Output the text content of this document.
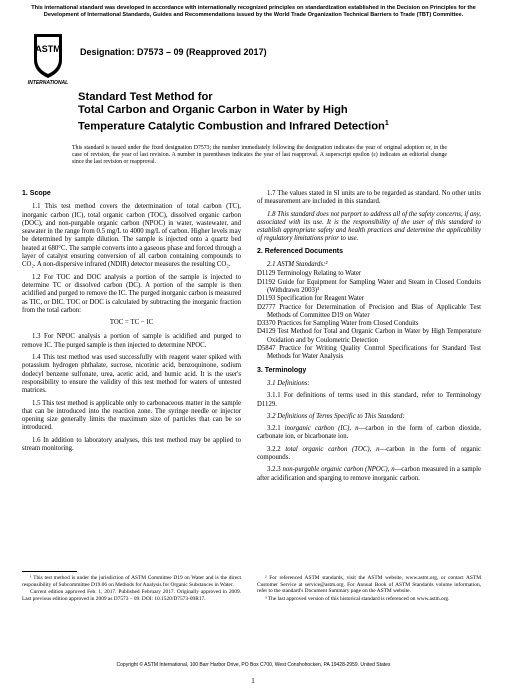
This international standard was developed in accordance with internationally recognized principles on standardization established in the Decision on Principles for the Development of International Standards, Guides and Recommendations issued by the World Trade Organization Technical Barriers to Trade (TBT) Committee.
ASTM
INTERNATIONAL
Designation: D7573 – 09 (Reapproved 2017)
Standard Test Method for
Total Carbon and Organic Carbon in Water by High
Temperature Catalytic Combustion and Infrared Detection$^1$
This standard is issued under the fixed designation D7573; the number immediately following the designation indicates the year of original adoption or, in the case of revision, the year of last revision. A number in parentheses indicates the year of last reapproval. A superscript epsilon (ε) indicates an editorial change since the last revision or reapproval.

1. Scope

1.1 This test method covers the determination of total carbon (TC), inorganic carbon (IC), total organic carbon (TOC), dissolved organic carbon (DOC), and non-purgable organic carbon (NPOC) in water, wastewater, and seawater in the range from 0.5 mg/L to 4000 mg/L of carbon. Higher levels may be determined by sample dilution. The sample is injected onto a quartz bed heated at 680°C. The sample converts into a gaseous phase and forced through a layer of catalyst ensuring conversion of all carbon containing compounds to CO₂. A non-dispersive infrared (NDIR) detector measures the resulting CO₂.

1.2 For TOC and DOC analysis a portion of the sample is injected to determine TC or dissolved carbon (DC). A portion of the sample is then acidified and purged to remove the IC. The purged inorganic carbon is measured as TIC, or DIC. TOC or DOC is calculated by subtracting the inorganic fraction from the total carbon:

TOC = TC − IC

1.3 For NPOC analysis a portion of sample is acidified and purged to remove IC. The purged sample is then injected to determine NPOC.

1.4 This test method was used successfully with reagent water spiked with potassium hydrogen phthalate, sucrose, nicotinic acid, benzoquinone, sodium dodecyl benzene sulfonate, urea, acetic acid, and humic acid. It is the user's responsibility to ensure the validity of this test method for waters of untested matrices.

1.5 This test method is applicable only to carbonaceous matter in the sample that can be introduced into the reaction zone. The syringe needle or injector opening size generally limits the maximum size of particles that can be so introduced.

1.6 In addition to laboratory analyses, this test method may be applied to stream monitoring.

1.7 The values stated in SI units are to be regarded as standard. No other units of measurement are included in this standard.

1.8 This standard does not purport to address all of the safety concerns, if any, associated with its use. It is the responsibility of the user of this standard to establish appropriate safety and health practices and determine the applicability of regulatory limitations prior to use.

2. Referenced Documents

2.1 ASTM Standards:²

D1129 Terminology Relating to Water

D1192 Guide for Equipment for Sampling Water and Steam in Closed Conduits (Withdrawn 2003)³

D1193 Specification for Reagent Water

D2777 Practice for Determination of Precision and Bias of Applicable Test Methods of Committee D19 on Water

D3370 Practices for Sampling Water from Closed Conduits

D4129 Test Method for Total and Organic Carbon in Water by High Temperature Oxidation and by Coulometric Detection

D5847 Practice for Writing Quality Control Specifications for Standard Test Methods for Water Analysis

3. Terminology

3.1 Definitions:

3.1.1 For definitions of terms used in this standard, refer to Terminology D1129.

3.2 Definitions of Terms Specific to This Standard:

3.2.1 inorganic carbon (IC), n—carbon in the form of carbon dioxide, carbonate ion, or bicarbonate ion.

3.2.2 total organic carbon (TOC), n—carbon in the form of organic compounds.

3.2.3 non-purgable organic carbon (NPOC), n—carbon measured in a sample after acidification and sparging to remove inorganic carbon.

¹ This test method is under the jurisdiction of ASTM Committee D19 on Water and is the direct responsibility of Subcommittee D19.06 on Methods for Analysis for Organic Substances in Water.

Current edition approved Feb. 1, 2017. Published February 2017. Originally approved in 2009. Last previous edition approved in 2009 as D7573 – 09. DOI: 10.1520/D7573-09R17.

² For referenced ASTM standards, visit the ASTM website, www.astm.org, or contact ASTM Customer Service at service@astm.org. For Annual Book of ASTM Standards volume information, refer to the standard's Document Summary page on the ASTM website.

³ The last approved version of this historical standard is referenced on www.astm.org.

Copyright © ASTM International, 100 Barr Harbor Drive, PO Box C700, West Conshohocken, PA 19428-2959. United States
1
